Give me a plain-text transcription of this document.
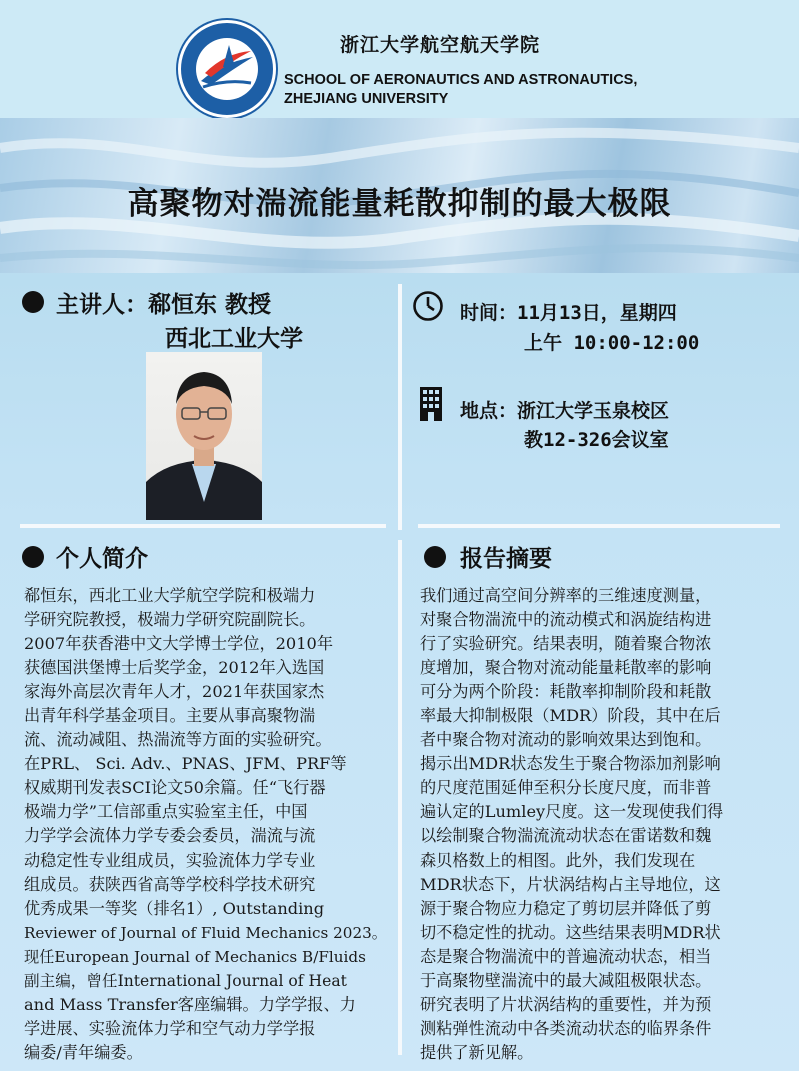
浙江大学航空航天学院
SCHOOL OF AERONAUTICS AND ASTRONAUTICS,
ZHEJIANG UNIVERSITY
高聚物对湍流能量耗散抑制的最大极限
主讲人：郗恒东 教授
西北工业大学
时间：11月13日，星期四
上午 10:00-12:00
地点：浙江大学玉泉校区
教12-326会议室
个人简介
郗恒东，西北工业大学航空学院和极端力
学研究院教授，极端力学研究院副院长。
2007年获香港中文大学博士学位，2010年
获德国洪堡博士后奖学金，2012年入选国
家海外高层次青年人才，2021年获国家杰
出青年科学基金项目。主要从事高聚物湍
流、流动减阻、热湍流等方面的实验研究。
在PRL、 Sci. Adv.、PNAS、JFM、PRF等
权威期刊发表SCI论文50余篇。任“飞行器
极端力学”工信部重点实验室主任，中国
力学学会流体力学专委会委员，湍流与流
动稳定性专业组成员，实验流体力学专业
组成员。获陕西省高等学校科学技术研究
优秀成果一等奖（排名1）, Outstanding
Reviewer of Journal of Fluid Mechanics 2023。
现任European Journal of Mechanics B/Fluids
副主编，曾任International Journal of Heat
and Mass Transfer客座编辑。力学学报、力
学进展、实验流体力学和空气动力学学报
编委/青年编委。
报告摘要
我们通过高空间分辨率的三维速度测量，
对聚合物湍流中的流动模式和涡旋结构进
行了实验研究。结果表明，随着聚合物浓
度增加，聚合物对流动能量耗散率的影响
可分为两个阶段：耗散率抑制阶段和耗散
率最大抑制极限（MDR）阶段，其中在后
者中聚合物对流动的影响效果达到饱和。
揭示出MDR状态发生于聚合物添加剂影响
的尺度范围延伸至积分长度尺度，而非普
遍认定的Lumley尺度。这一发现使我们得
以绘制聚合物湍流流动状态在雷诺数和魏
森贝格数上的相图。此外，我们发现在
MDR状态下，片状涡结构占主导地位，这
源于聚合物应力稳定了剪切层并降低了剪
切不稳定性的扰动。这些结果表明MDR状
态是聚合物湍流中的普遍流动状态，相当
于高聚物壁湍流中的最大减阻极限状态。
研究表明了片状涡结构的重要性，并为预
测粘弹性流动中各类流动状态的临界条件
提供了新见解。
